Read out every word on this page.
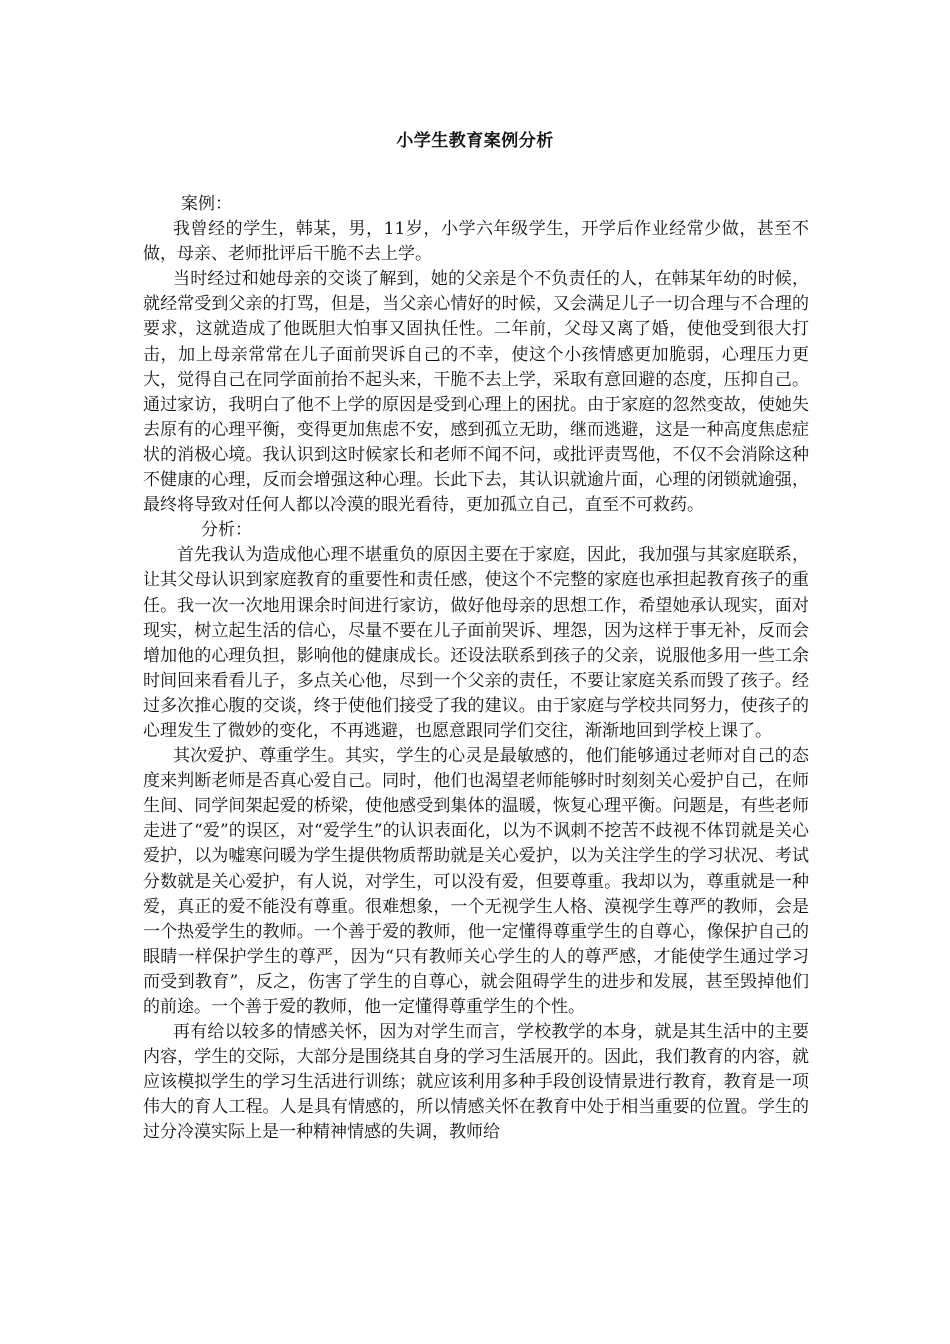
小学生教育案例分析

案例：

我曾经的学生，韩某，男，11岁，小学六年级学生，开学后作业经常少做，甚至不做，母亲、老师批评后干脆不去上学。

当时经过和她母亲的交谈了解到，她的父亲是个不负责任的人，在韩某年幼的时候，就经常受到父亲的打骂，但是，当父亲心情好的时候，又会满足儿子一切合理与不合理的要求，这就造成了他既胆大怕事又固执任性。二年前，父母又离了婚，使他受到很大打击，加上母亲常常在儿子面前哭诉自己的不幸，使这个小孩情感更加脆弱，心理压力更大，觉得自己在同学面前抬不起头来，干脆不去上学，采取有意回避的态度，压抑自己。通过家访，我明白了他不上学的原因是受到心理上的困扰。由于家庭的忽然变故，使她失去原有的心理平衡，变得更加焦虑不安，感到孤立无助，继而逃避，这是一种高度焦虑症状的消极心境。我认识到这时候家长和老师不闻不问，或批评责骂他，不仅不会消除这种不健康的心理，反而会增强这种心理。长此下去，其认识就逾片面，心理的闭锁就逾强，最终将导致对任何人都以冷漠的眼光看待，更加孤立自己，直至不可救药。

分析：

首先我认为造成他心理不堪重负的原因主要在于家庭，因此，我加强与其家庭联系，让其父母认识到家庭教育的重要性和责任感，使这个不完整的家庭也承担起教育孩子的重任。我一次一次地用课余时间进行家访，做好他母亲的思想工作，希望她承认现实，面对现实，树立起生活的信心，尽量不要在儿子面前哭诉、埋怨，因为这样于事无补，反而会增加他的心理负担，影响他的健康成长。还设法联系到孩子的父亲，说服他多用一些工余时间回来看看儿子，多点关心他，尽到一个父亲的责任，不要让家庭关系而毁了孩子。经过多次推心腹的交谈，终于使他们接受了我的建议。由于家庭与学校共同努力，使孩子的心理发生了微妙的变化，不再逃避，也愿意跟同学们交往，渐渐地回到学校上课了。

其次爱护、尊重学生。其实，学生的心灵是最敏感的，他们能够通过老师对自己的态度来判断老师是否真心爱自己。同时，他们也渴望老师能够时时刻刻关心爱护自己，在师生间、同学间架起爱的桥梁，使他感受到集体的温暖，恢复心理平衡。问题是，有些老师走进了“爱”的误区，对“爱学生”的认识表面化，以为不讽刺不挖苦不歧视不体罚就是关心爱护，以为嘘寒问暖为学生提供物质帮助就是关心爱护，以为关注学生的学习状况、考试分数就是关心爱护，有人说，对学生，可以没有爱，但要尊重。我却以为，尊重就是一种爱，真正的爱不能没有尊重。很难想象，一个无视学生人格、漠视学生尊严的教师，会是一个热爱学生的教师。一个善于爱的教师，他一定懂得尊重学生的自尊心，像保护自己的眼睛一样保护学生的尊严，因为“只有教师关心学生的人的尊严感，才能使学生通过学习而受到教育”，反之，伤害了学生的自尊心，就会阻碍学生的进步和发展，甚至毁掉他们的前途。一个善于爱的教师，他一定懂得尊重学生的个性。

再有给以较多的情感关怀，因为对学生而言，学校教学的本身，就是其生活中的主要内容，学生的交际，大部分是围绕其自身的学习生活展开的。因此，我们教育的内容，就应该模拟学生的学习生活进行训练；就应该利用多种手段创设情景进行教育，教育是一项伟大的育人工程。人是具有情感的，所以情感关怀在教育中处于相当重要的位置。学生的过分冷漠实际上是一种精神情感的失调，教师给
